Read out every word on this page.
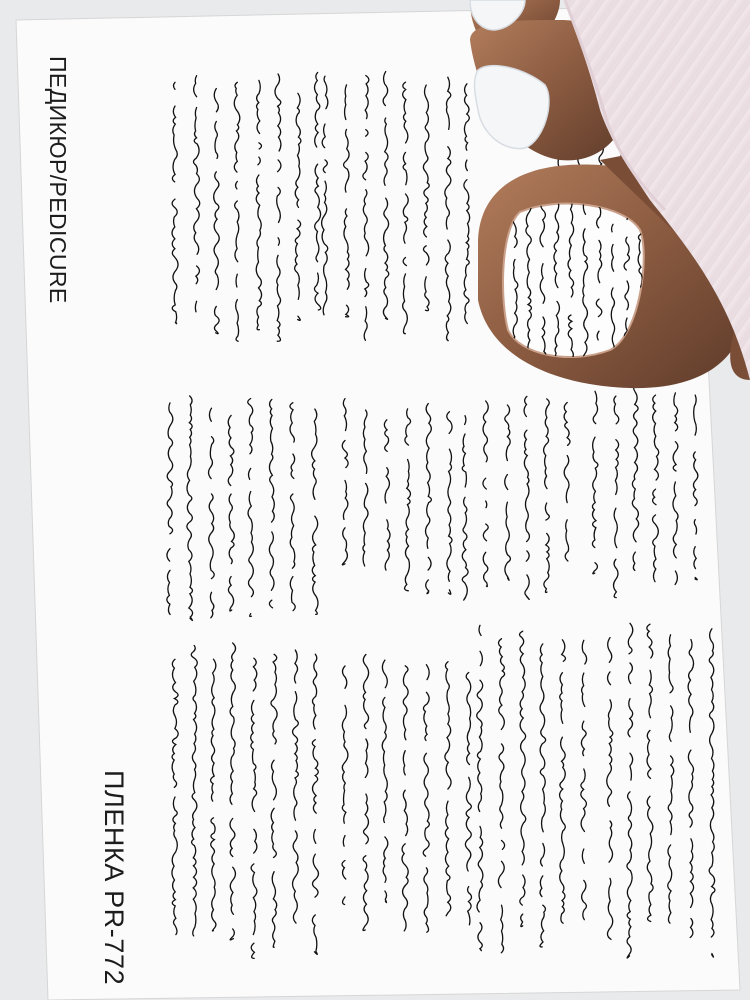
ПЕДИКЮР/PEDICURE
ПЛЕНКА PR-772
